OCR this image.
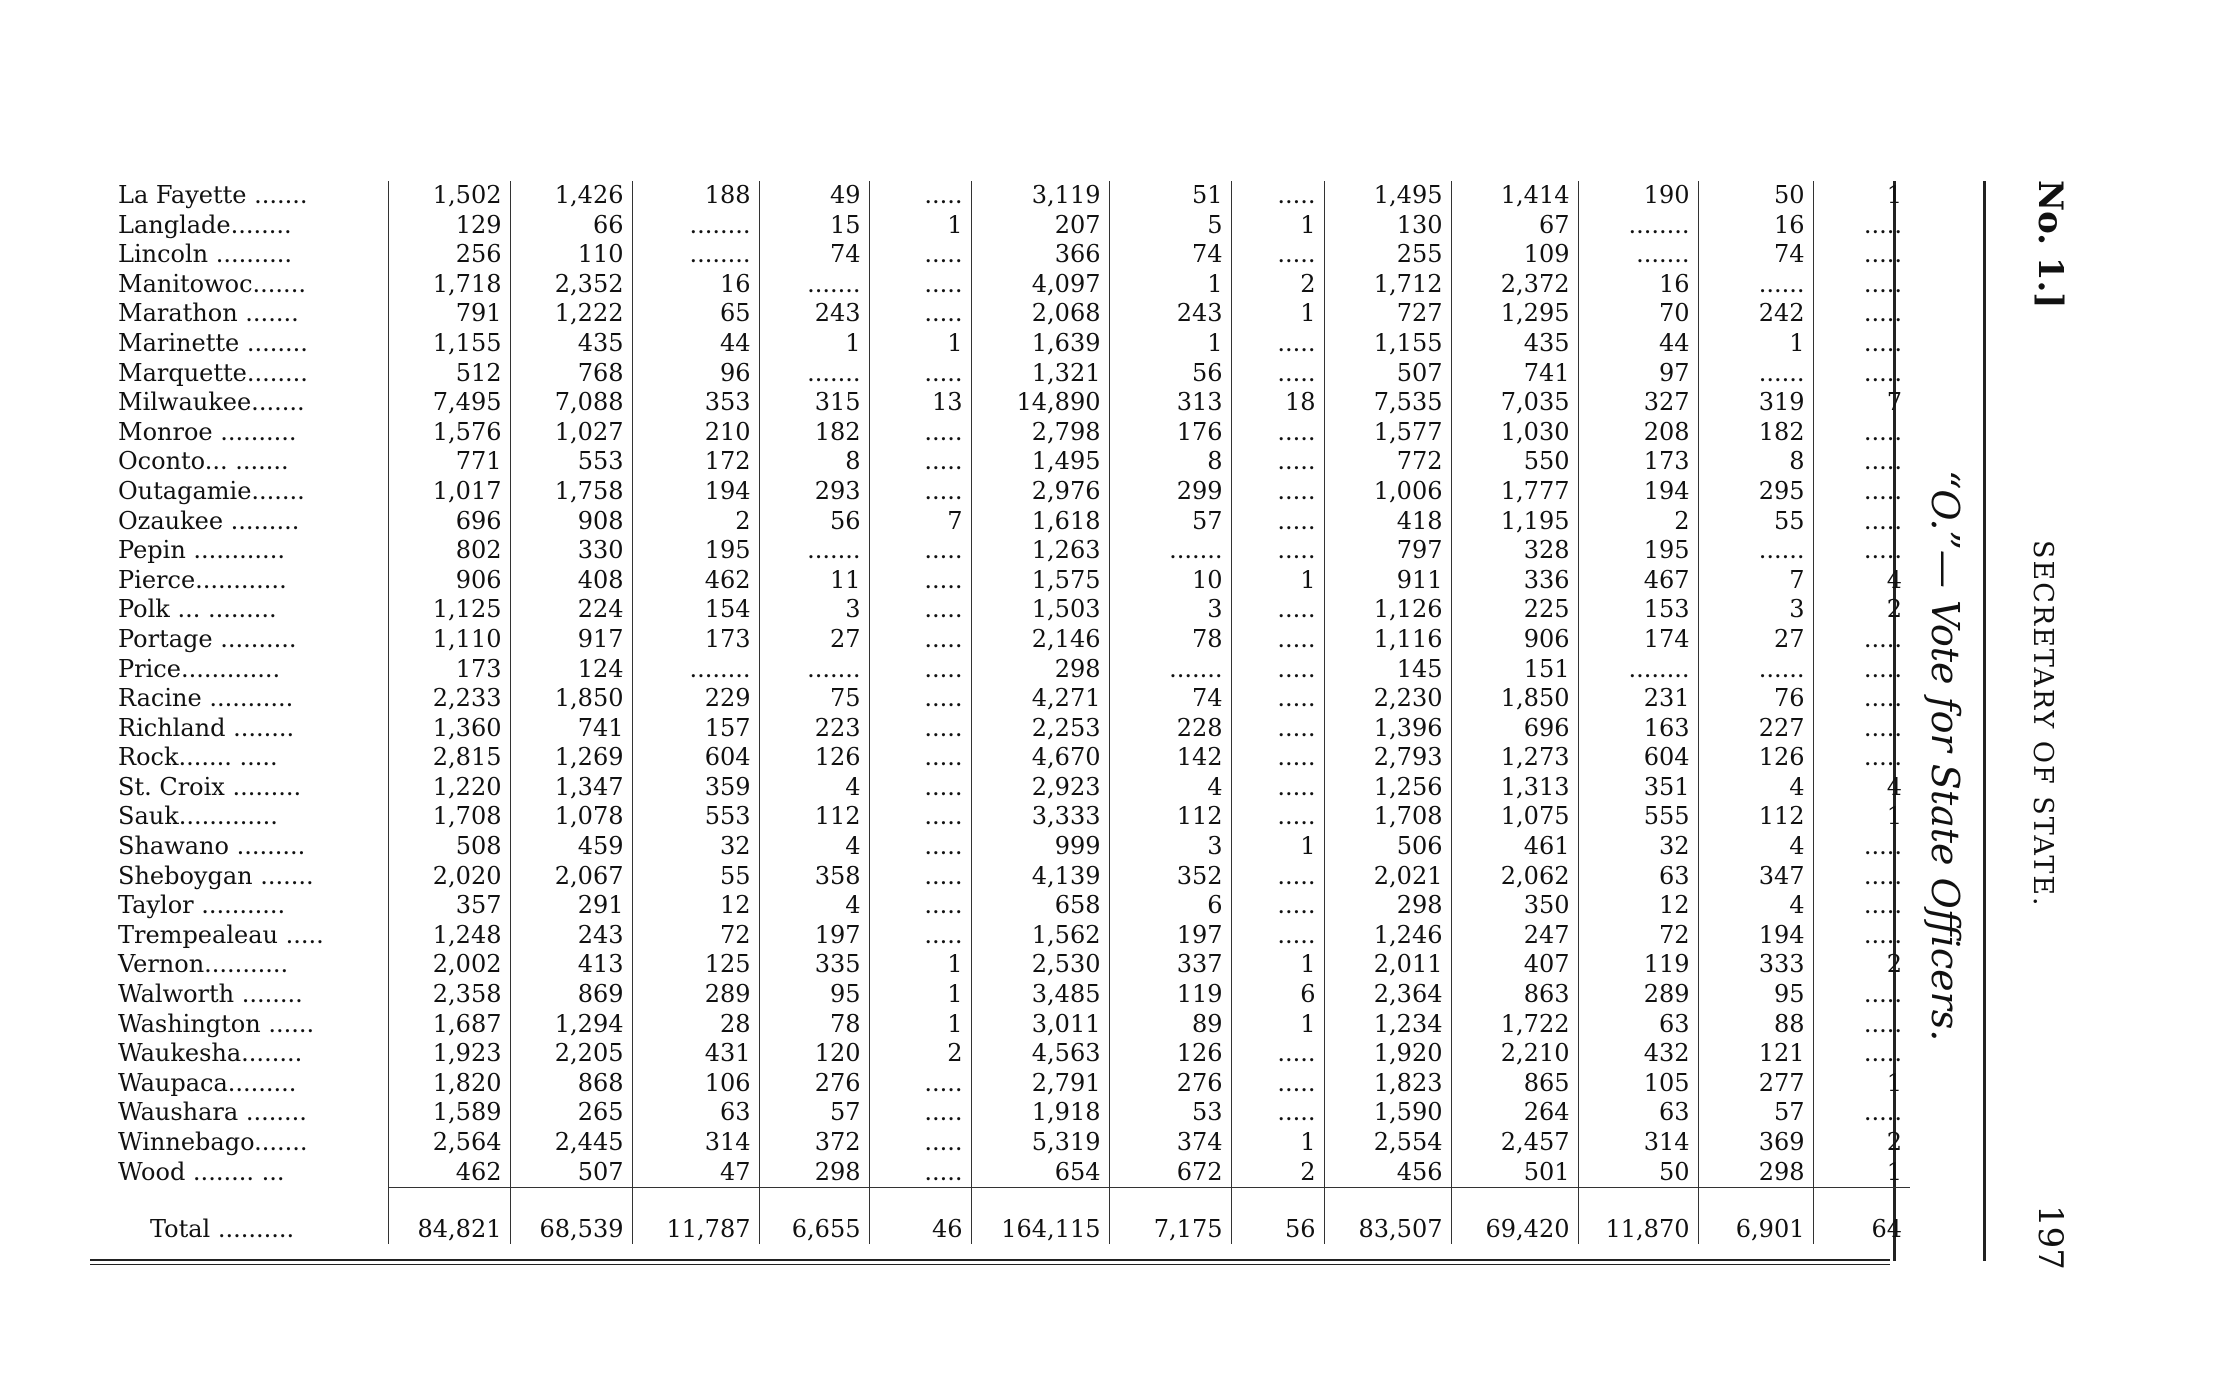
No. 1.]
SECRETARY OF STATE.
197
“O.”— Vote for State Officers.
La Fayette .......	1,502	1,426	188	49	.....	3,119	51	.....	1,495	1,414	190	50	1
Langlade........	129	66	........	15	1	207	5	1	130	67	........	16	.....
Lincoln ..........	256	110	........	74	.....	366	74	.....	255	109	.......	74	.....
Manitowoc.......	1,718	2,352	16	.......	.....	4,097	1	2	1,712	2,372	16	......	.....
Marathon .......	791	1,222	65	243	.....	2,068	243	1	727	1,295	70	242	.....
Marinette ........	1,155	435	44	1	1	1,639	1	.....	1,155	435	44	1	.....
Marquette........	512	768	96	.......	.....	1,321	56	.....	507	741	97	......	.....
Milwaukee.......	7,495	7,088	353	315	13	14,890	313	18	7,535	7,035	327	319	7
Monroe ..........	1,576	1,027	210	182	.....	2,798	176	.....	1,577	1,030	208	182	.....
Oconto... .......	771	553	172	8	.....	1,495	8	.....	772	550	173	8	.....
Outagamie.......	1,017	1,758	194	293	.....	2,976	299	.....	1,006	1,777	194	295	.....
Ozaukee .........	696	908	2	56	7	1,618	57	.....	418	1,195	2	55	.....
Pepin ............	802	330	195	.......	.....	1,263	.......	.....	797	328	195	......	.....
Pierce............	906	408	462	11	.....	1,575	10	1	911	336	467	7	4
Polk ... .........	1,125	224	154	3	.....	1,503	3	.....	1,126	225	153	3	2
Portage ..........	1,110	917	173	27	.....	2,146	78	.....	1,116	906	174	27	.....
Price.............	173	124	........	.......	.....	298	.......	.....	145	151	........	......	.....
Racine ...........	2,233	1,850	229	75	.....	4,271	74	.....	2,230	1,850	231	76	.....
Richland ........	1,360	741	157	223	.....	2,253	228	.....	1,396	696	163	227	.....
Rock....... .....	2,815	1,269	604	126	.....	4,670	142	.....	2,793	1,273	604	126	.....
St. Croix .........	1,220	1,347	359	4	.....	2,923	4	.....	1,256	1,313	351	4	4
Sauk.............	1,708	1,078	553	112	.....	3,333	112	.....	1,708	1,075	555	112	1
Shawano .........	508	459	32	4	.....	999	3	1	506	461	32	4	.....
Sheboygan .......	2,020	2,067	55	358	.....	4,139	352	.....	2,021	2,062	63	347	.....
Taylor ...........	357	291	12	4	.....	658	6	.....	298	350	12	4	.....
Trempealeau .....	1,248	243	72	197	.....	1,562	197	.....	1,246	247	72	194	.....
Vernon...........	2,002	413	125	335	1	2,530	337	1	2,011	407	119	333	2
Walworth ........	2,358	869	289	95	1	3,485	119	6	2,364	863	289	95	.....
Washington ......	1,687	1,294	28	78	1	3,011	89	1	1,234	1,722	63	88	.....
Waukesha........	1,923	2,205	431	120	2	4,563	126	.....	1,920	2,210	432	121	.....
Waupaca.........	1,820	868	106	276	.....	2,791	276	.....	1,823	865	105	277	1
Waushara ........	1,589	265	63	57	.....	1,918	53	.....	1,590	264	63	57	.....
Winnebago.......	2,564	2,445	314	372	.....	5,319	374	1	2,554	2,457	314	369	2
Wood ........ ...	462	507	47	298	.....	654	672	2	456	501	50	298	1
Total ..........	84,821	68,539	11,787	6,655	46	164,115	7,175	56	83,507	69,420	11,870	6,901	64
